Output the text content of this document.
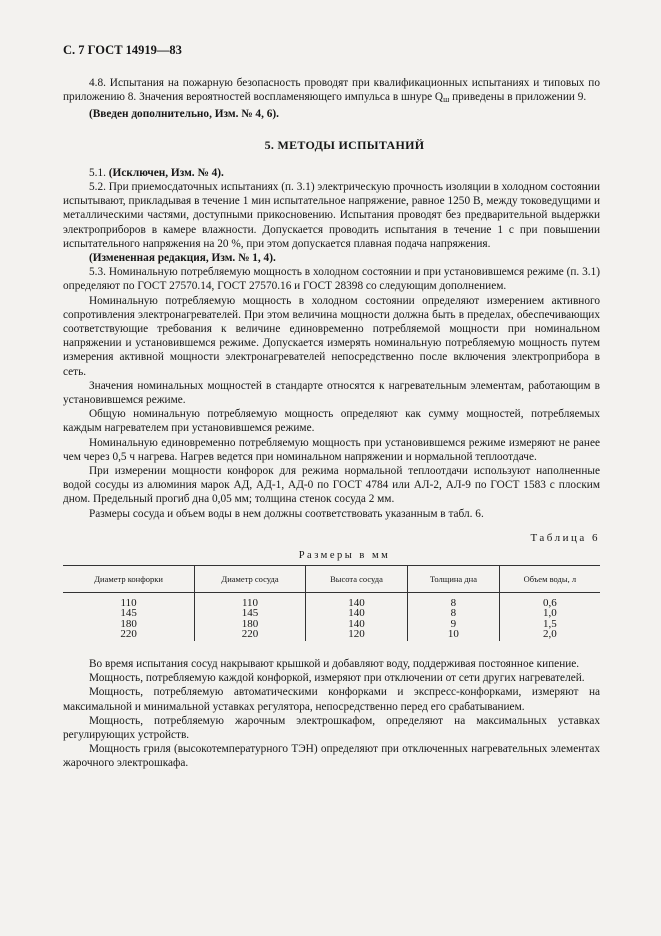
С. 7 ГОСТ 14919—83

4.8. Испытания на пожарную безопасность проводят при квалификационных испытаниях и типовых по приложению 8. Значения вероятностей воспламеняющего импульса в шнуре $Q_ш$ приведены в приложении 9.

(Введен дополнительно, Изм. № 4, 6).

5. МЕТОДЫ ИСПЫТАНИЙ

5.1. (Исключен, Изм. № 4).

5.2. При приемосдаточных испытаниях (п. 3.1) электрическую прочность изоляции в холодном состоянии испытывают, прикладывая в течение 1 мин испытательное напряжение, равное 1250 В, между токоведущими и металлическими частями, доступными прикосновению. Испытания проводят без предварительной выдержки электроприборов в камере влажности. Допускается проводить испытания в течение 1 с при повышении испытательного напряжения на 20 %, при этом допускается плавная подача напряжения.

(Измененная редакция, Изм. № 1, 4).

5.3. Номинальную потребляемую мощность в холодном состоянии и при установившемся режиме (п. 3.1) определяют по ГОСТ 27570.14, ГОСТ 27570.16 и ГОСТ 28398 со следующим дополнением.

Номинальную потребляемую мощность в холодном состоянии определяют измерением активного сопротивления электронагревателей. При этом величина мощности должна быть в пределах, обеспечивающих соответствующие требования к величине единовременно потребляемой мощности при номинальном напряжении и установившемся режиме. Допускается измерять номинальную потребляемую мощность путем измерения активной мощности электронагревателей непосредственно после включения электроприбора в сеть.

Значения номинальных мощностей в стандарте относятся к нагревательным элементам, работающим в установившемся режиме.

Общую номинальную потребляемую мощность определяют как сумму мощностей, потребляемых каждым нагревателем при установившемся режиме.

Номинальную единовременно потребляемую мощность при установившемся режиме измеряют не ранее чем через 0,5 ч нагрева. Нагрев ведется при номинальном напряжении и нормальной теплоотдаче.

При измерении мощности конфорок для режима нормальной теплоотдачи используют наполненные водой сосуды из алюминия марок АД, АД-1, АД-0 по ГОСТ 4784 или АЛ-2, АЛ-9 по ГОСТ 1583 с плоским дном. Предельный прогиб дна 0,05 мм; толщина стенок сосуда 2 мм.

Размеры сосуда и объем воды в нем должны соответствовать указанным в табл. 6.

Таблица 6
Размеры в мм
Диаметр конфорки	Диаметр сосуда	Высота сосуда	Толщина дна	Объем воды, л
110	110	140	8	0,6
145	145	140	8	1,0
180	180	140	9	1,5
220	220	120	10	2,0

Во время испытания сосуд накрывают крышкой и добавляют воду, поддерживая постоянное кипение.

Мощность, потребляемую каждой конфоркой, измеряют при отключении от сети других нагревателей.

Мощность, потребляемую автоматическими конфорками и экспресс-конфорками, измеряют на максимальной и минимальной уставках регулятора, непосредственно перед его срабатыванием.

Мощность, потребляемую жарочным электрошкафом, определяют на максимальных уставках регулирующих устройств.

Мощность гриля (высокотемпературного ТЭН) определяют при отключенных нагревательных элементах жарочного электрошкафа.
